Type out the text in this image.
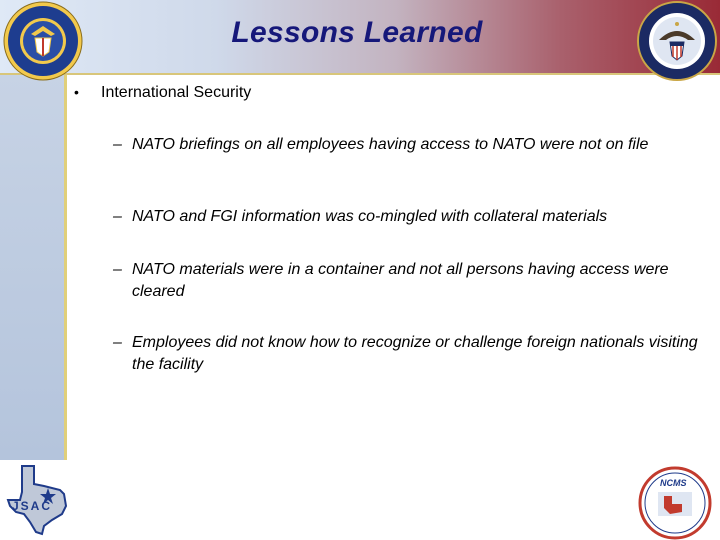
Lessons Learned
• International Security
– NATO briefings on all employees having access to NATO were not on file
– NATO and FGI information was co-mingled with collateral materials
– NATO materials were in a container and not all persons having access were cleared
– Employees did not know how to recognize or challenge foreign nationals visiting the facility
JSAC
NCMS
